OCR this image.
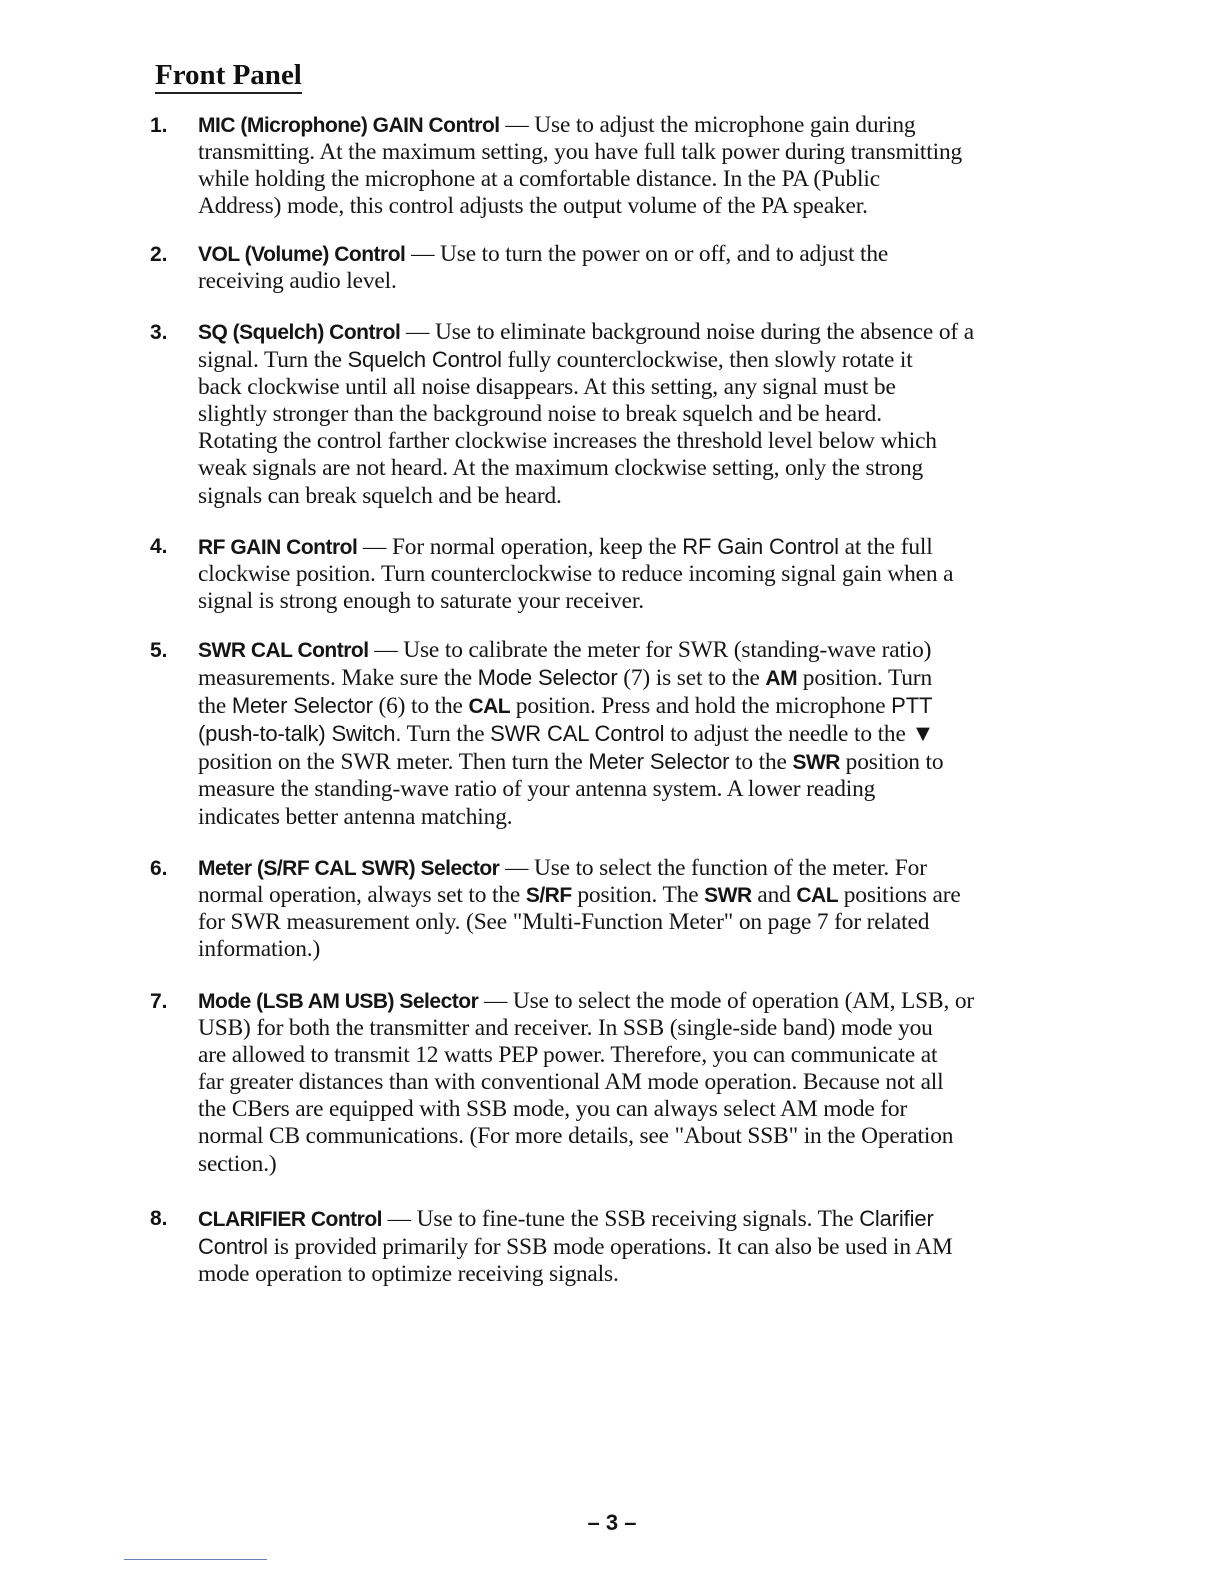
Front Panel
1. MIC (Microphone) GAIN Control — Use to adjust the microphone gain during
transmitting. At the maximum setting, you have full talk power during transmitting
while holding the microphone at a comfortable distance. In the PA (Public
Address) mode, this control adjusts the output volume of the PA speaker.
2. VOL (Volume) Control — Use to turn the power on or off, and to adjust the
receiving audio level.
3. SQ (Squelch) Control — Use to eliminate background noise during the absence of a
signal. Turn the Squelch Control fully counterclockwise, then slowly rotate it
back clockwise until all noise disappears. At this setting, any signal must be
slightly stronger than the background noise to break squelch and be heard.
Rotating the control farther clockwise increases the threshold level below which
weak signals are not heard. At the maximum clockwise setting, only the strong
signals can break squelch and be heard.
4. RF GAIN Control — For normal operation, keep the RF Gain Control at the full
clockwise position. Turn counterclockwise to reduce incoming signal gain when a
signal is strong enough to saturate your receiver.
5. SWR CAL Control — Use to calibrate the meter for SWR (standing-wave ratio)
measurements. Make sure the Mode Selector (7) is set to the AM position. Turn
the Meter Selector (6) to the CAL position. Press and hold the microphone PTT
(push-to-talk) Switch. Turn the SWR CAL Control to adjust the needle to the ▼
position on the SWR meter. Then turn the Meter Selector to the SWR position to
measure the standing-wave ratio of your antenna system. A lower reading
indicates better antenna matching.
6. Meter (S/RF CAL SWR) Selector — Use to select the function of the meter. For
normal operation, always set to the S/RF position. The SWR and CAL positions are
for SWR measurement only. (See "Multi-Function Meter" on page 7 for related
information.)
7. Mode (LSB AM USB) Selector — Use to select the mode of operation (AM, LSB, or
USB) for both the transmitter and receiver. In SSB (single-side band) mode you
are allowed to transmit 12 watts PEP power. Therefore, you can communicate at
far greater distances than with conventional AM mode operation. Because not all
the CBers are equipped with SSB mode, you can always select AM mode for
normal CB communications. (For more details, see "About SSB" in the Operation
section.)
8. CLARIFIER Control — Use to fine-tune the SSB receiving signals. The Clarifier
Control is provided primarily for SSB mode operations. It can also be used in AM
mode operation to optimize receiving signals.
– 3 –
